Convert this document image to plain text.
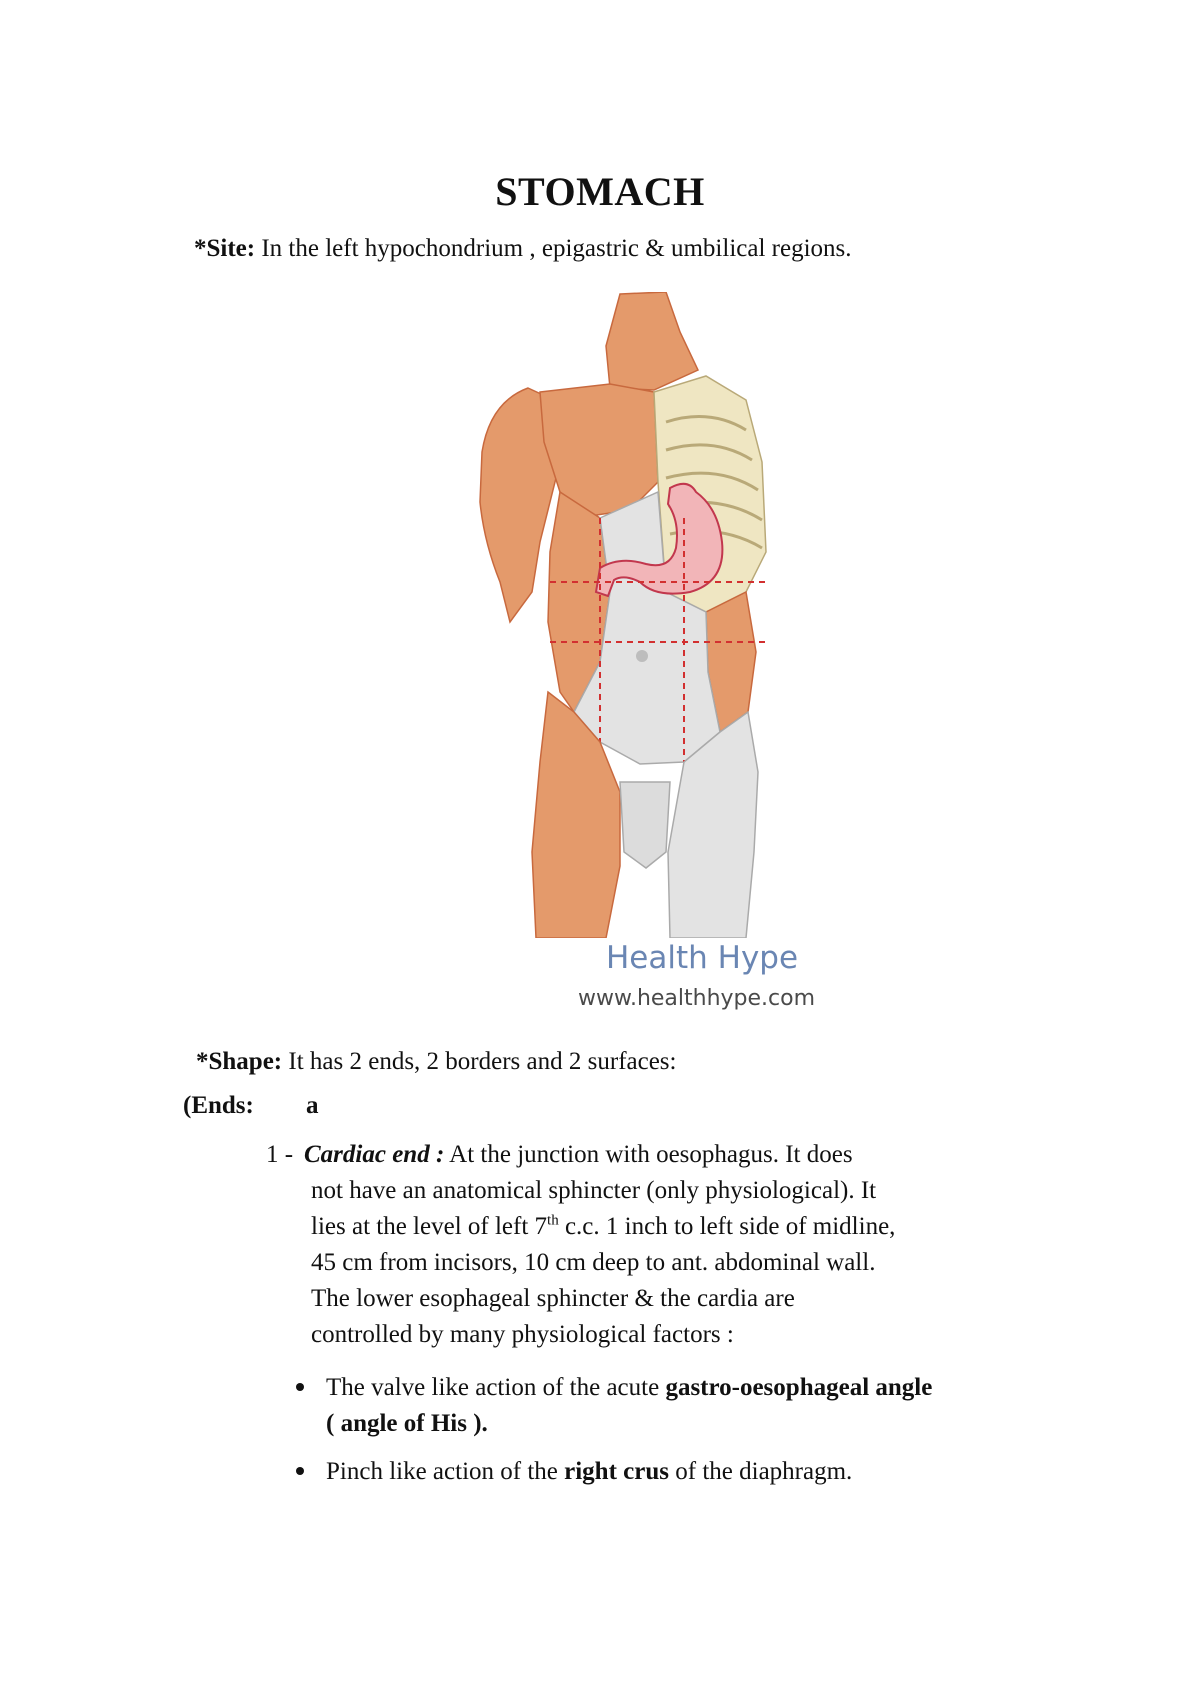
STOMACH
*Site: In the left hypochondrium , epigastric & umbilical regions.
Health Hype
www.healthhype.com
*Shape: It has 2 ends, 2 borders and 2 surfaces:
(Ends: a
1 - Cardiac end : At the junction with oesophagus. It does
not have an anatomical sphincter (only physiological). It
lies at the level of left 7th c.c. 1 inch to left side of midline,
45 cm from incisors, 10 cm deep to ant. abdominal wall.
The lower esophageal sphincter & the cardia are
controlled by many physiological factors :
The valve like action of the acute gastro-oesophageal angle
( angle of His ).
Pinch like action of the right crus of the diaphragm.
